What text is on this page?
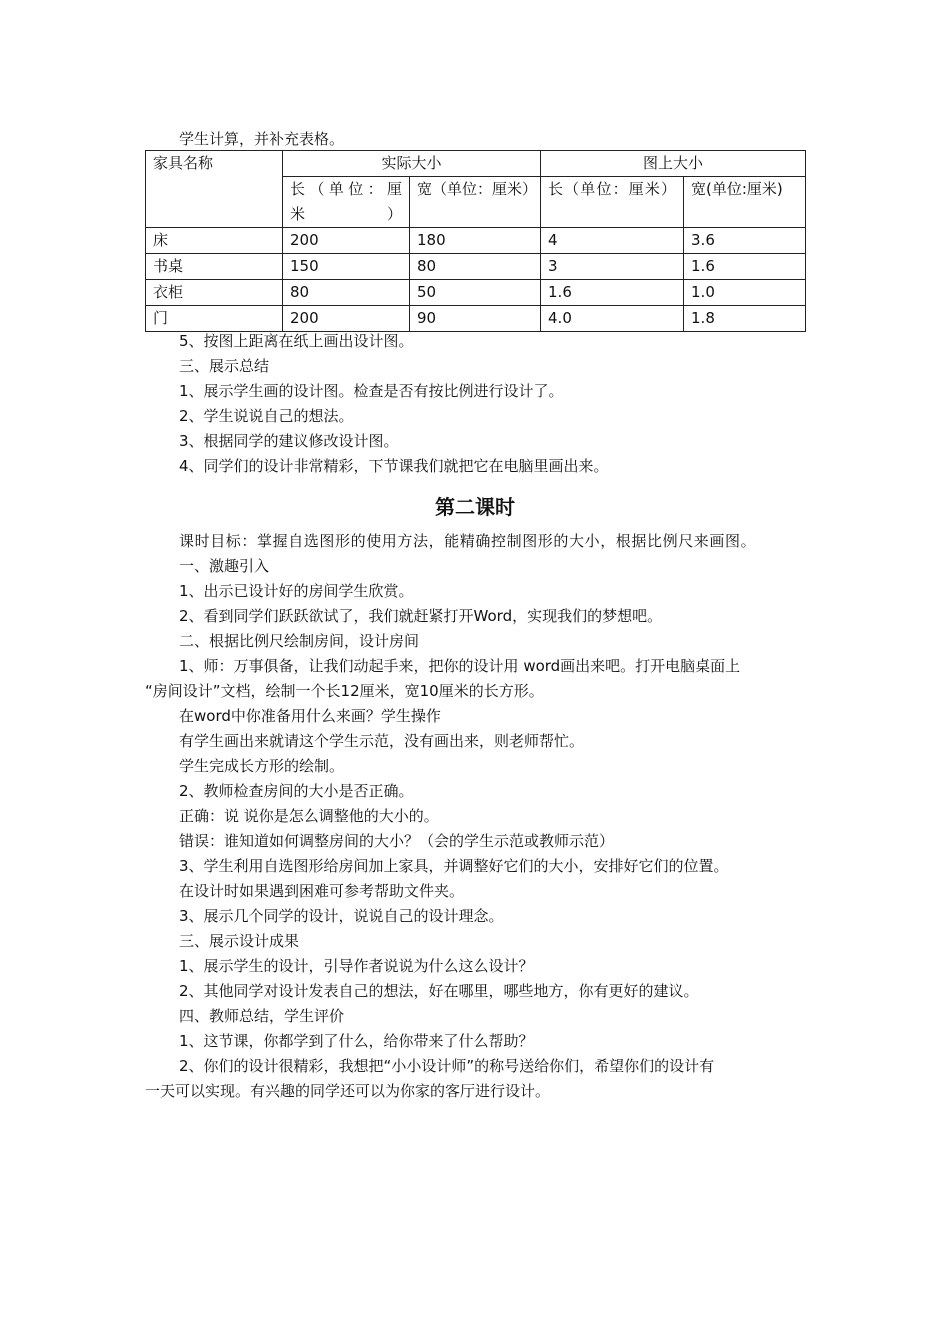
学生计算，并补充表格。
家具名称	实际大小		图上大小	
	长（单位：厘米）	宽（单位：厘米）	长（单位：厘米）	宽(单位:厘米)
床	200	180	4	3.6
书桌	150	80	3	1.6
衣柜	80	50	1.6	1.0
门	200	90	4.0	1.8
5、按图上距离在纸上画出设计图。
三、展示总结
1、展示学生画的设计图。检查是否有按比例进行设计了。
2、学生说说自己的想法。
3、根据同学的建议修改设计图。
4、同学们的设计非常精彩，下节课我们就把它在电脑里画出来。
第二课时
课时目标：掌握自选图形的使用方法，能精确控制图形的大小，根据比例尺来画图。
一、激趣引入
1、出示已设计好的房间学生欣赏。
2、看到同学们跃跃欲试了，我们就赶紧打开Word，实现我们的梦想吧。
二、根据比例尺绘制房间，设计房间
1、师：万事俱备，让我们动起手来，把你的设计用 word画出来吧。打开电脑桌面上
“房间设计”文档，绘制一个长12厘米，宽10厘米的长方形。
在word中你准备用什么来画？学生操作
有学生画出来就请这个学生示范，没有画出来，则老师帮忙。
学生完成长方形的绘制。
2、教师检查房间的大小是否正确。
正确：说 说你是怎么调整他的大小的。
错误：谁知道如何调整房间的大小？（会的学生示范或教师示范）
3、学生利用自选图形给房间加上家具，并调整好它们的大小，安排好它们的位置。
在设计时如果遇到困难可参考帮助文件夹。
3、展示几个同学的设计，说说自己的设计理念。
三、展示设计成果
1、展示学生的设计，引导作者说说为什么这么设计？
2、其他同学对设计发表自己的想法，好在哪里，哪些地方，你有更好的建议。
四、教师总结，学生评价
1、这节课，你都学到了什么，给你带来了什么帮助？
2、你们的设计很精彩，我想把“小小设计师”的称号送给你们，希望你们的设计有
一天可以实现。有兴趣的同学还可以为你家的客厅进行设计。
